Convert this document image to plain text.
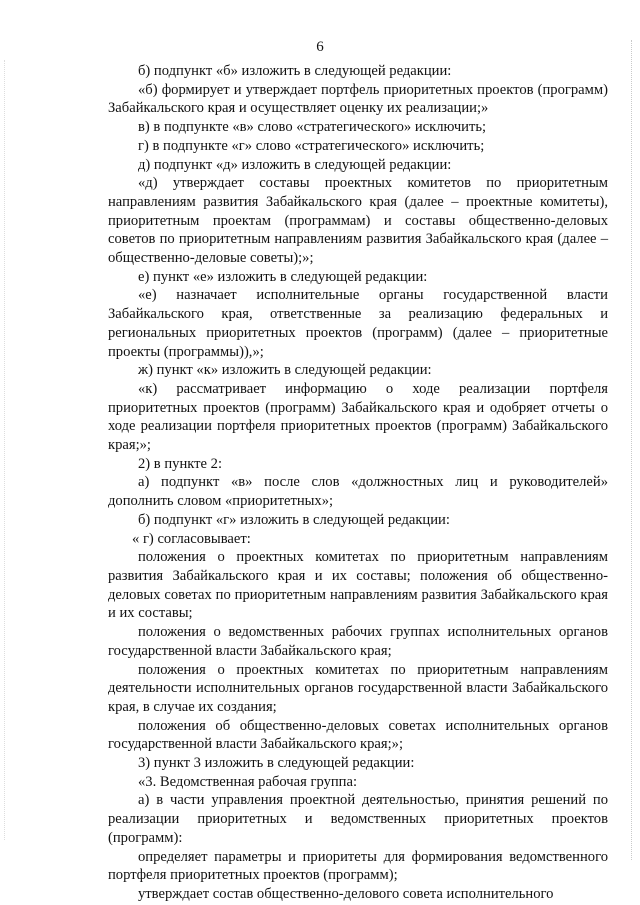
6

б) подпункт «б» изложить в следующей редакции:

«б) формирует и утверждает портфель приоритетных проектов (программ) Забайкальского края и осуществляет оценку их реализации;»

в) в подпункте «в» слово «стратегического» исключить;

г) в подпункте «г» слово «стратегического» исключить;

д) подпункт «д» изложить в следующей редакции:

«д) утверждает составы проектных комитетов по приоритетным направлениям развития Забайкальского края (далее – проектные комитеты), приоритетным проектам (программам) и составы общественно-деловых советов по приоритетным направлениям развития Забайкальского края (далее – общественно-деловые советы);»;

е) пункт «е» изложить в следующей редакции:

«е) назначает исполнительные органы государственной власти Забайкальского края, ответственные за реализацию федеральных и региональных приоритетных проектов (программ) (далее – приоритетные проекты (программы)),»;

ж) пункт «к» изложить в следующей редакции:

«к) рассматривает информацию о ходе реализации портфеля приоритетных проектов (программ) Забайкальского края и одобряет отчеты о ходе реализации портфеля приоритетных проектов (программ) Забайкальского края;»;

2) в пункте 2:

а) подпункт «в» после слов «должностных лиц и руководителей» дополнить словом «приоритетных»;

б) подпункт «г» изложить в следующей редакции:

« г) согласовывает:

положения о проектных комитетах по приоритетным направлениям развития Забайкальского края и их составы; положения об общественно-деловых советах по приоритетным направлениям развития Забайкальского края и их составы;

положения о ведомственных рабочих группах исполнительных органов государственной власти Забайкальского края;

положения о проектных комитетах по приоритетным направлениям деятельности исполнительных органов государственной власти Забайкальского края, в случае их создания;

положения об общественно-деловых советах исполнительных органов государственной власти Забайкальского края;»;

3) пункт 3 изложить в следующей редакции:

«3. Ведомственная рабочая группа:

а) в части управления проектной деятельностью, принятия решений по реализации приоритетных и ведомственных приоритетных проектов (программ):

определяет параметры и приоритеты для формирования ведомственного портфеля приоритетных проектов (программ);

утверждает состав общественно-делового совета исполнительного
